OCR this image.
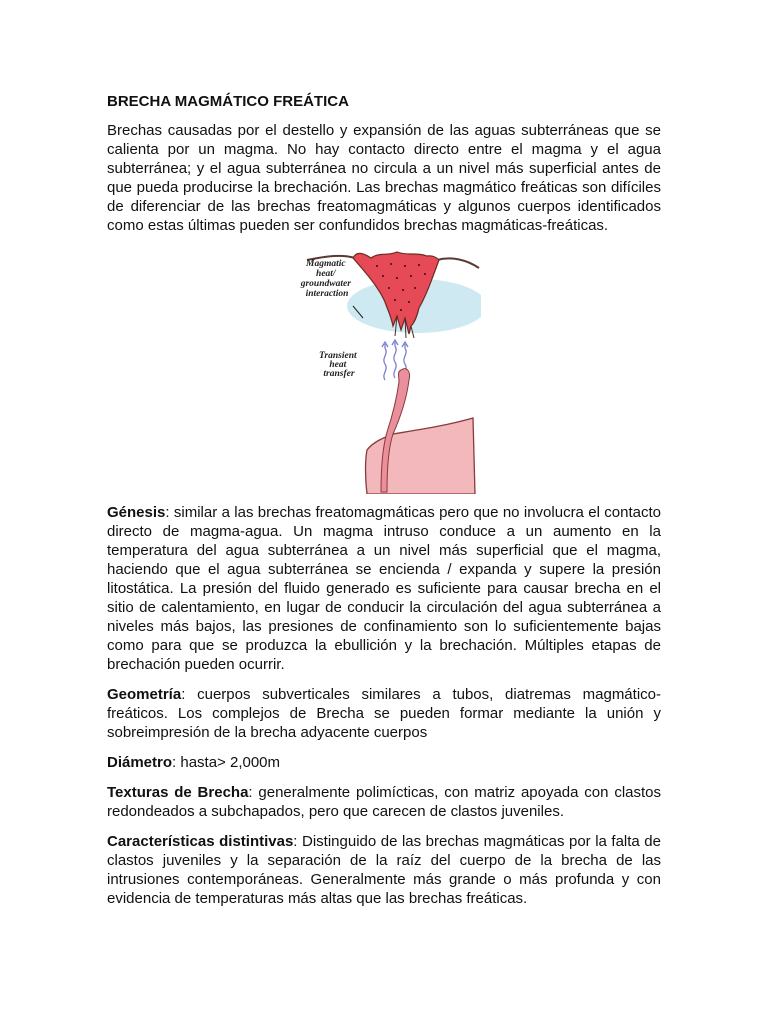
BRECHA MAGMÁTICO FREÁTICA

Brechas causadas por el destello y expansión de las aguas subterráneas que se calienta por un magma. No hay contacto directo entre el magma y el agua subterránea; y el agua subterránea no circula a un nivel más superficial antes de que pueda producirse la brechación. Las brechas magmático freáticas son difíciles de diferenciar de las brechas freatomagmáticas y algunos cuerpos identificados como estas últimas pueden ser confundidos brechas magmáticas-freáticas.

Magmatic heat/ groundwater interaction
Transient heat transfer

Génesis: similar a las brechas freatomagmáticas pero que no involucra el contacto directo de magma-agua. Un magma intruso conduce a un aumento en la temperatura del agua subterránea a un nivel más superficial que el magma, haciendo que el agua subterránea se encienda / expanda y supere la presión litostática. La presión del fluido generado es suficiente para causar brecha en el sitio de calentamiento, en lugar de conducir la circulación del agua subterránea a niveles más bajos, las presiones de confinamiento son lo suficientemente bajas como para que se produzca la ebullición y la brechación. Múltiples etapas de brechación pueden ocurrir.

Geometría: cuerpos subverticales similares a tubos, diatremas magmático-freáticos. Los complejos de Brecha se pueden formar mediante la unión y sobreimpresión de la brecha adyacente cuerpos

Diámetro: hasta> 2,000m

Texturas de Brecha: generalmente polimícticas, con matriz apoyada con clastos redondeados a subchapados, pero que carecen de clastos juveniles.

Características distintivas: Distinguido de las brechas magmáticas por la falta de clastos juveniles y la separación de la raíz del cuerpo de la brecha de las intrusiones contemporáneas. Generalmente más grande o más profunda y con evidencia de temperaturas más altas que las brechas freáticas.
